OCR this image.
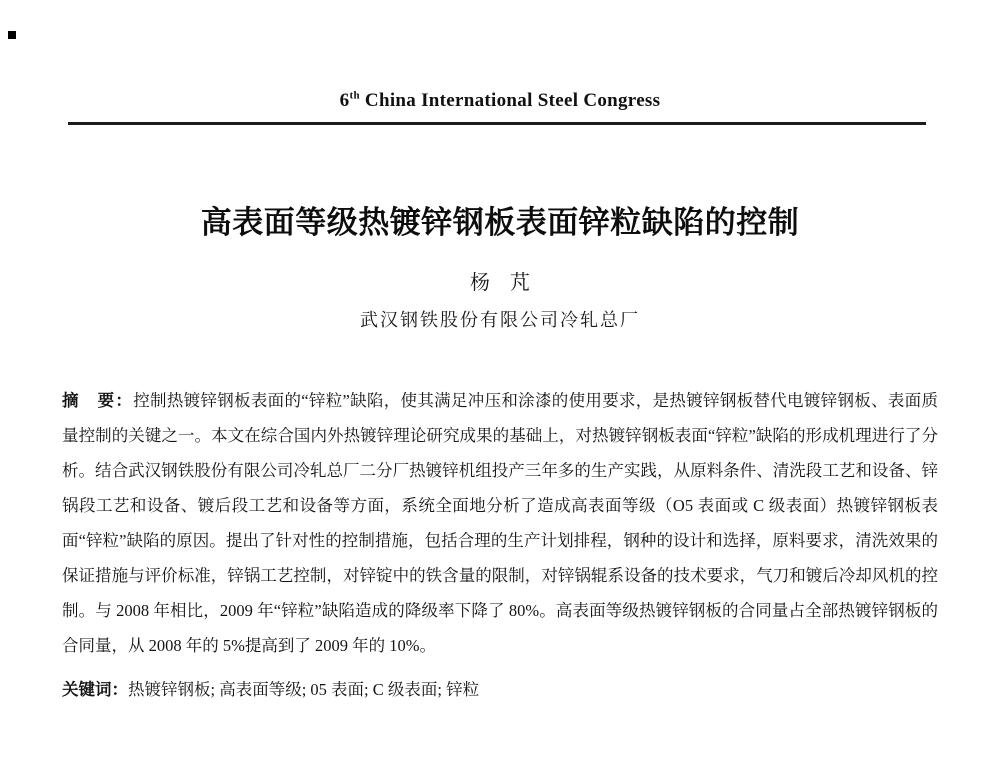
6th China International Steel Congress
高表面等级热镀锌钢板表面锌粒缺陷的控制
杨　芃
武汉钢铁股份有限公司冷轧总厂

摘　要：控制热镀锌钢板表面的“锌粒”缺陷，使其满足冲压和涂漆的使用要求，是热镀锌钢板替代电镀锌钢板、表面质量控制的关键之一。本文在综合国内外热镀锌理论研究成果的基础上，对热镀锌钢板表面“锌粒”缺陷的形成机理进行了分析。结合武汉钢铁股份有限公司冷轧总厂二分厂热镀锌机组投产三年多的生产实践，从原料条件、清洗段工艺和设备、锌锅段工艺和设备、镀后段工艺和设备等方面，系统全面地分析了造成高表面等级（O5 表面或 C 级表面）热镀锌钢板表面“锌粒”缺陷的原因。提出了针对性的控制措施，包括合理的生产计划排程，钢种的设计和选择，原料要求，清洗效果的保证措施与评价标准，锌锅工艺控制，对锌锭中的铁含量的限制，对锌锅辊系设备的技术要求，气刀和镀后冷却风机的控制。与 2008 年相比，2009 年“锌粒”缺陷造成的降级率下降了 80%。高表面等级热镀锌钢板的合同量占全部热镀锌钢板的合同量，从 2008 年的 5%提高到了 2009 年的 10%。

关键词：热镀锌钢板; 高表面等级; 05 表面; C 级表面; 锌粒
